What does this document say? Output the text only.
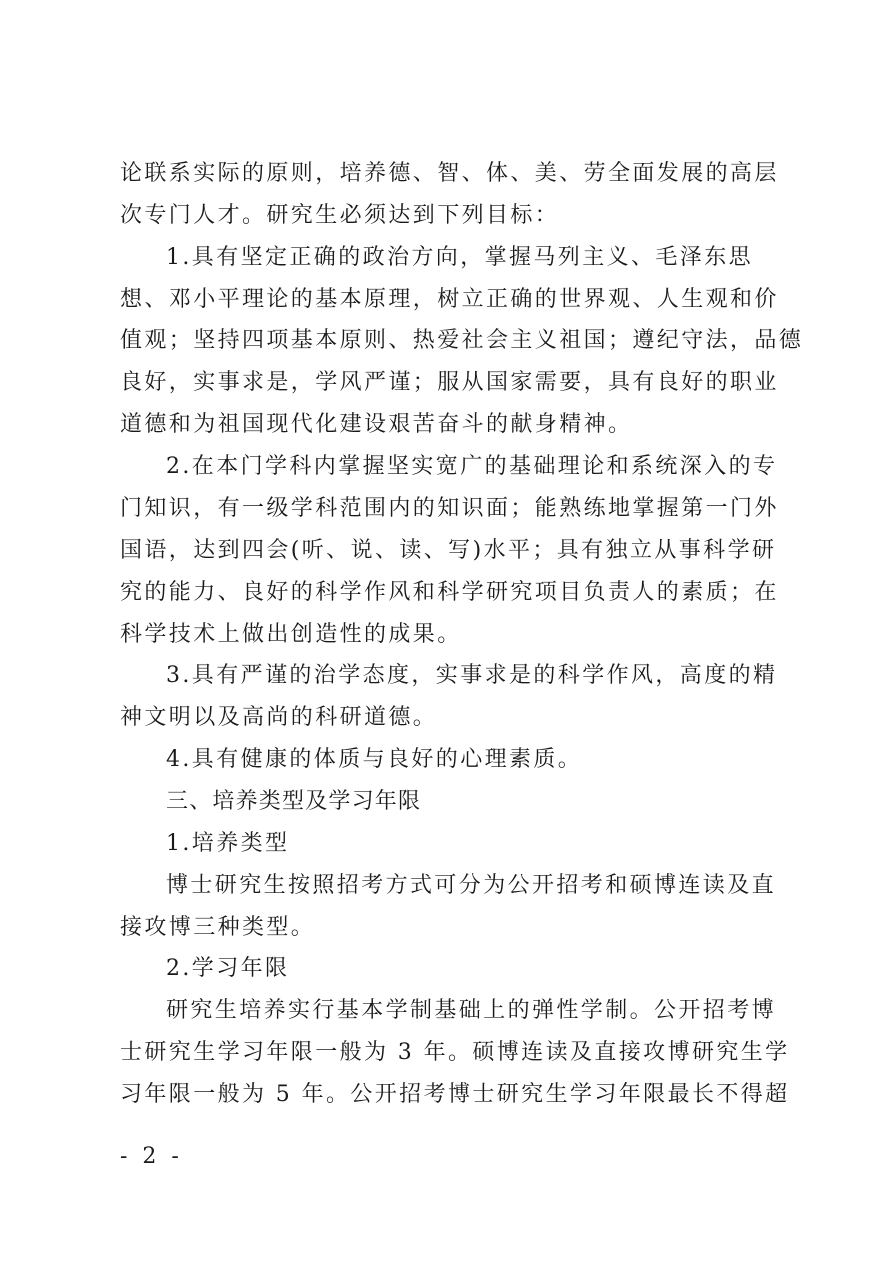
论联系实际的原则，培养德、智、体、美、劳全面发展的高层
次专门人才。研究生必须达到下列目标：
1.具有坚定正确的政治方向，掌握马列主义、毛泽东思
想、邓小平理论的基本原理，树立正确的世界观、人生观和价
值观；坚持四项基本原则、热爱社会主义祖国；遵纪守法，品德
良好，实事求是，学风严谨；服从国家需要，具有良好的职业
道德和为祖国现代化建设艰苦奋斗的献身精神。
2.在本门学科内掌握坚实宽广的基础理论和系统深入的专
门知识，有一级学科范围内的知识面；能熟练地掌握第一门外
国语，达到四会(听、说、读、写)水平；具有独立从事科学研
究的能力、良好的科学作风和科学研究项目负责人的素质；在
科学技术上做出创造性的成果。
3.具有严谨的治学态度，实事求是的科学作风，高度的精
神文明以及高尚的科研道德。
4.具有健康的体质与良好的心理素质。
三、培养类型及学习年限
1.培养类型
博士研究生按照招考方式可分为公开招考和硕博连读及直
接攻博三种类型。
2.学习年限
研究生培养实行基本学制基础上的弹性学制。公开招考博
士研究生学习年限一般为 3 年。硕博连读及直接攻博研究生学
习年限一般为 5 年。公开招考博士研究生学习年限最长不得超
- 2 -
